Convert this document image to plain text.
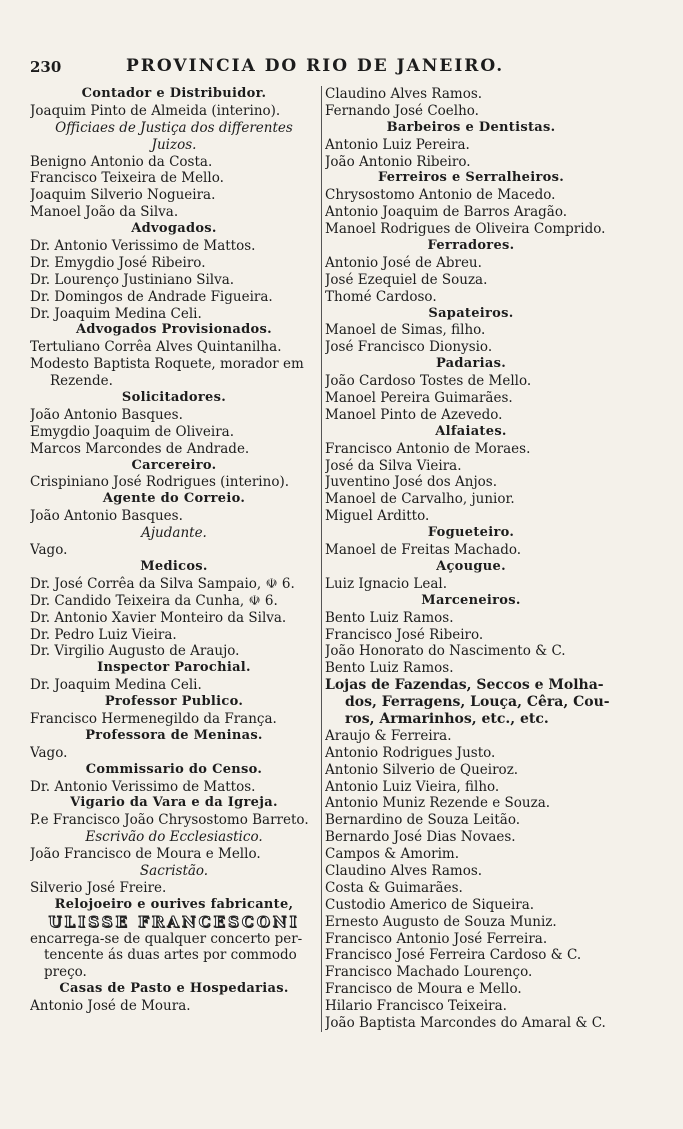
230	PROVINCIA DO RIO DE JANEIRO.
Contador e Distribuidor.
Joaquim Pinto de Almeida (interino).
Officiaes de Justiça dos differentes
Juizos.
Benigno Antonio da Costa.
Francisco Teixeira de Mello.
Joaquim Silverio Nogueira.
Manoel João da Silva.
Advogados.
Dr. Antonio Verissimo de Mattos.
Dr. Emygdio José Ribeiro.
Dr. Lourenço Justiniano Silva.
Dr. Domingos de Andrade Figueira.
Dr. Joaquim Medina Celi.
Advogados Provisionados.
Tertuliano Corrêa Alves Quintanilha.
Modesto Baptista Roquete, morador em
Rezende.
Solicitadores.
João Antonio Basques.
Emygdio Joaquim de Oliveira.
Marcos Marcondes de Andrade.
Carcereiro.
Crispiniano José Rodrigues (interino).
Agente do Correio.
João Antonio Basques.
Ajudante.
Vago.
Medicos.
Dr. José Corrêa da Silva Sampaio, ☫ 6.
Dr. Candido Teixeira da Cunha, ☫ 6.
Dr. Antonio Xavier Monteiro da Silva.
Dr. Pedro Luiz Vieira.
Dr. Virgilio Augusto de Araujo.
Inspector Parochial.
Dr. Joaquim Medina Celi.
Professor Publico.
Francisco Hermenegildo da França.
Professora de Meninas.
Vago.
Commissario do Censo.
Dr. Antonio Verissimo de Mattos.
Vigario da Vara e da Igreja.
P.e Francisco João Chrysostomo Barreto.
Escrivão do Ecclesiastico.
João Francisco de Moura e Mello.
Sacristão.
Silverio José Freire.
Relojoeiro e ourives fabricante,
ULISSE FRANCESCONI
encarrega-se de qualquer concerto per-
tencente ás duas artes por commodo
preço.
Casas de Pasto e Hospedarias.
Antonio José de Moura.
Claudino Alves Ramos.
Fernando José Coelho.
Barbeiros e Dentistas.
Antonio Luiz Pereira.
João Antonio Ribeiro.
Ferreiros e Serralheiros.
Chrysostomo Antonio de Macedo.
Antonio Joaquim de Barros Aragão.
Manoel Rodrigues de Oliveira Comprido.
Ferradores.
Antonio José de Abreu.
José Ezequiel de Souza.
Thomé Cardoso.
Sapateiros.
Manoel de Simas, filho.
José Francisco Dionysio.
Padarias.
João Cardoso Tostes de Mello.
Manoel Pereira Guimarães.
Manoel Pinto de Azevedo.
Alfaiates.
Francisco Antonio de Moraes.
José da Silva Vieira.
Juventino José dos Anjos.
Manoel de Carvalho, junior.
Miguel Arditto.
Fogueteiro.
Manoel de Freitas Machado.
Açougue.
Luiz Ignacio Leal.
Marceneiros.
Bento Luiz Ramos.
Francisco José Ribeiro.
João Honorato do Nascimento & C.
Bento Luiz Ramos.
Lojas de Fazendas, Seccos e Molha-
dos, Ferragens, Louça, Cêra, Cou-
ros, Armarinhos, etc., etc.
Araujo & Ferreira.
Antonio Rodrigues Justo.
Antonio Silverio de Queiroz.
Antonio Luiz Vieira, filho.
Antonio Muniz Rezende e Souza.
Bernardino de Souza Leitão.
Bernardo José Dias Novaes.
Campos & Amorim.
Claudino Alves Ramos.
Costa & Guimarães.
Custodio Americo de Siqueira.
Ernesto Augusto de Souza Muniz.
Francisco Antonio José Ferreira.
Francisco José Ferreira Cardoso & C.
Francisco Machado Lourenço.
Francisco de Moura e Mello.
Hilario Francisco Teixeira.
João Baptista Marcondes do Amaral & C.
